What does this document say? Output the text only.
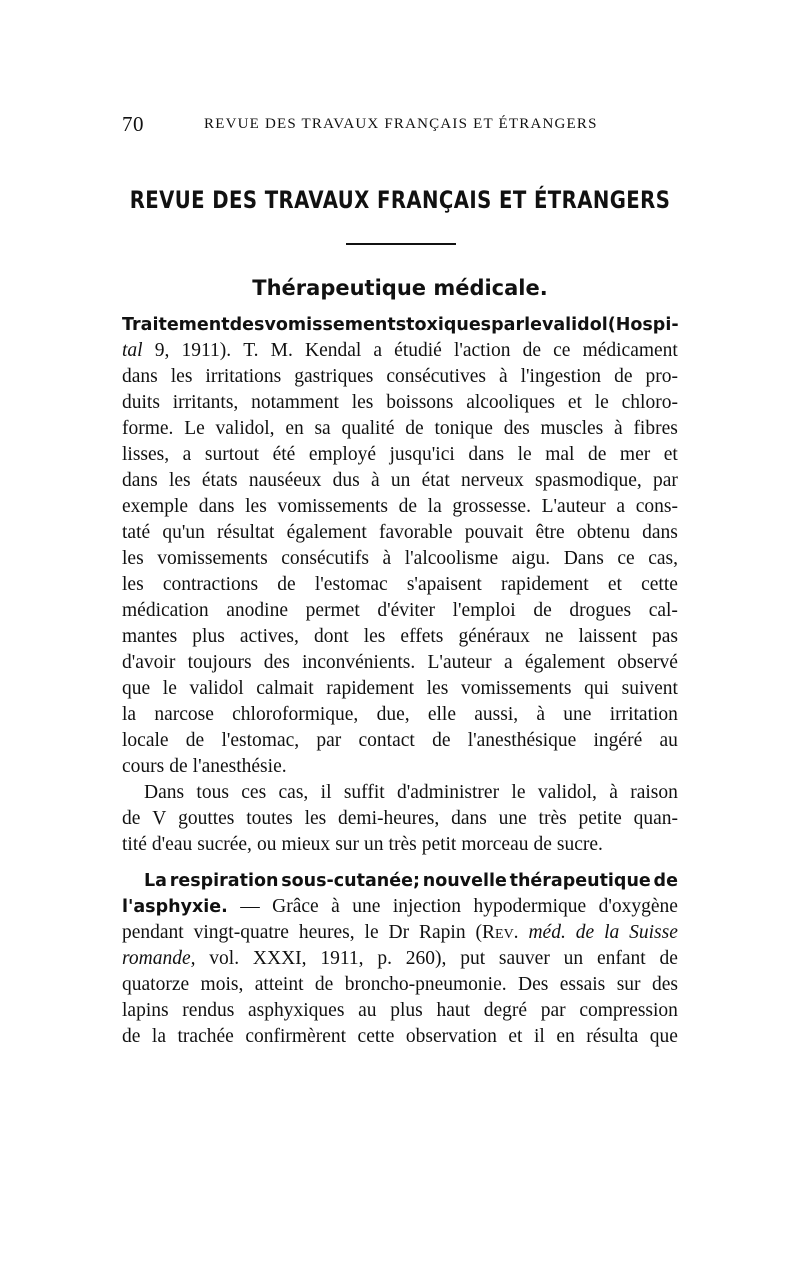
70	REVUE DES TRAVAUX FRANÇAIS ET ÉTRANGERS
REVUE DES TRAVAUX FRANÇAIS ET ÉTRANGERS
Thérapeutique médicale.
Traitement des vomissements toxiques par le validol (Hospi-
tal 9, 1911). T. M. Kendal a étudié l'action de ce médicament
dans les irritations gastriques consécutives à l'ingestion de pro-
duits irritants, notamment les boissons alcooliques et le chloro-
forme. Le validol, en sa qualité de tonique des muscles à fibres
lisses, a surtout été employé jusqu'ici dans le mal de mer et
dans les états nauséeux dus à un état nerveux spasmodique, par
exemple dans les vomissements de la grossesse. L'auteur a cons-
taté qu'un résultat également favorable pouvait être obtenu dans
les vomissements consécutifs à l'alcoolisme aigu. Dans ce cas,
les contractions de l'estomac s'apaisent rapidement et cette
médication anodine permet d'éviter l'emploi de drogues cal-
mantes plus actives, dont les effets généraux ne laissent pas
d'avoir toujours des inconvénients. L'auteur a également observé
que le validol calmait rapidement les vomissements qui suivent
la narcose chloroformique, due, elle aussi, à une irritation
locale de l'estomac, par contact de l'anesthésique ingéré au
cours de l'anesthésie.
Dans tous ces cas, il suffit d'administrer le validol, à raison
de V gouttes toutes les demi-heures, dans une très petite quan-
tité d'eau sucrée, ou mieux sur un très petit morceau de sucre.
La respiration sous-cutanée; nouvelle thérapeutique de
l'asphyxie. — Grâce à une injection hypodermique d'oxygène
pendant vingt-quatre heures, le Dr Rapin (Rev. méd. de la Suisse
romande, vol. XXXI, 1911, p. 260), put sauver un enfant de
quatorze mois, atteint de broncho-pneumonie. Des essais sur des
lapins rendus asphyxiques au plus haut degré par compression
de la trachée confirmèrent cette observation et il en résulta que
